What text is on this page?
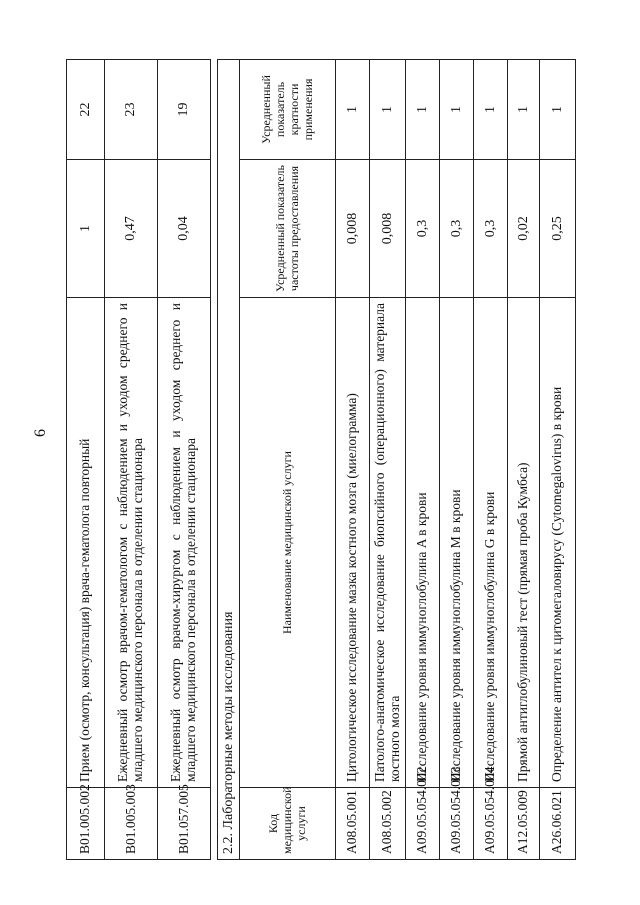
6
B01.005.002	Прием (осмотр, консультация) врача-гематолога повторный	1	22
B01.005.003	Ежедневный осмотр врачом-гематологом с наблюдением и уходом среднего и младшего медицинского персонала в отделении стационара	0,47	23
B01.057.005	Ежедневный осмотр врачом-хирургом с наблюдением и уходом среднего и младшего медицинского персонала в отделении стационара	0,04	19
2.2. Лабораторные методы исследования			
Код медицинской услуги	Наименование медицинской услуги	Усредненный показатель частоты предоставления	Усредненный показатель кратности применения
A08.05.001	Цитологическое исследование мазка костного мозга (миелограмма)	0,008	1
A08.05.002	Патолого-анатомическое исследование биопсийного (операционного) материала костного мозга	0,008	1
A09.05.054.002	Исследование уровня иммуноглобулина A в крови	0,3	1
A09.05.054.003	Исследование уровня иммуноглобулина M в крови	0,3	1
A09.05.054.004	Исследование уровня иммуноглобулина G в крови	0,3	1
A12.05.009	Прямой антиглобулиновый тест (прямая проба Кумбса)	0,02	1
A26.06.021	Определение антител к цитомегаловирусу (Cytomegalovirus) в крови	0,25	1
